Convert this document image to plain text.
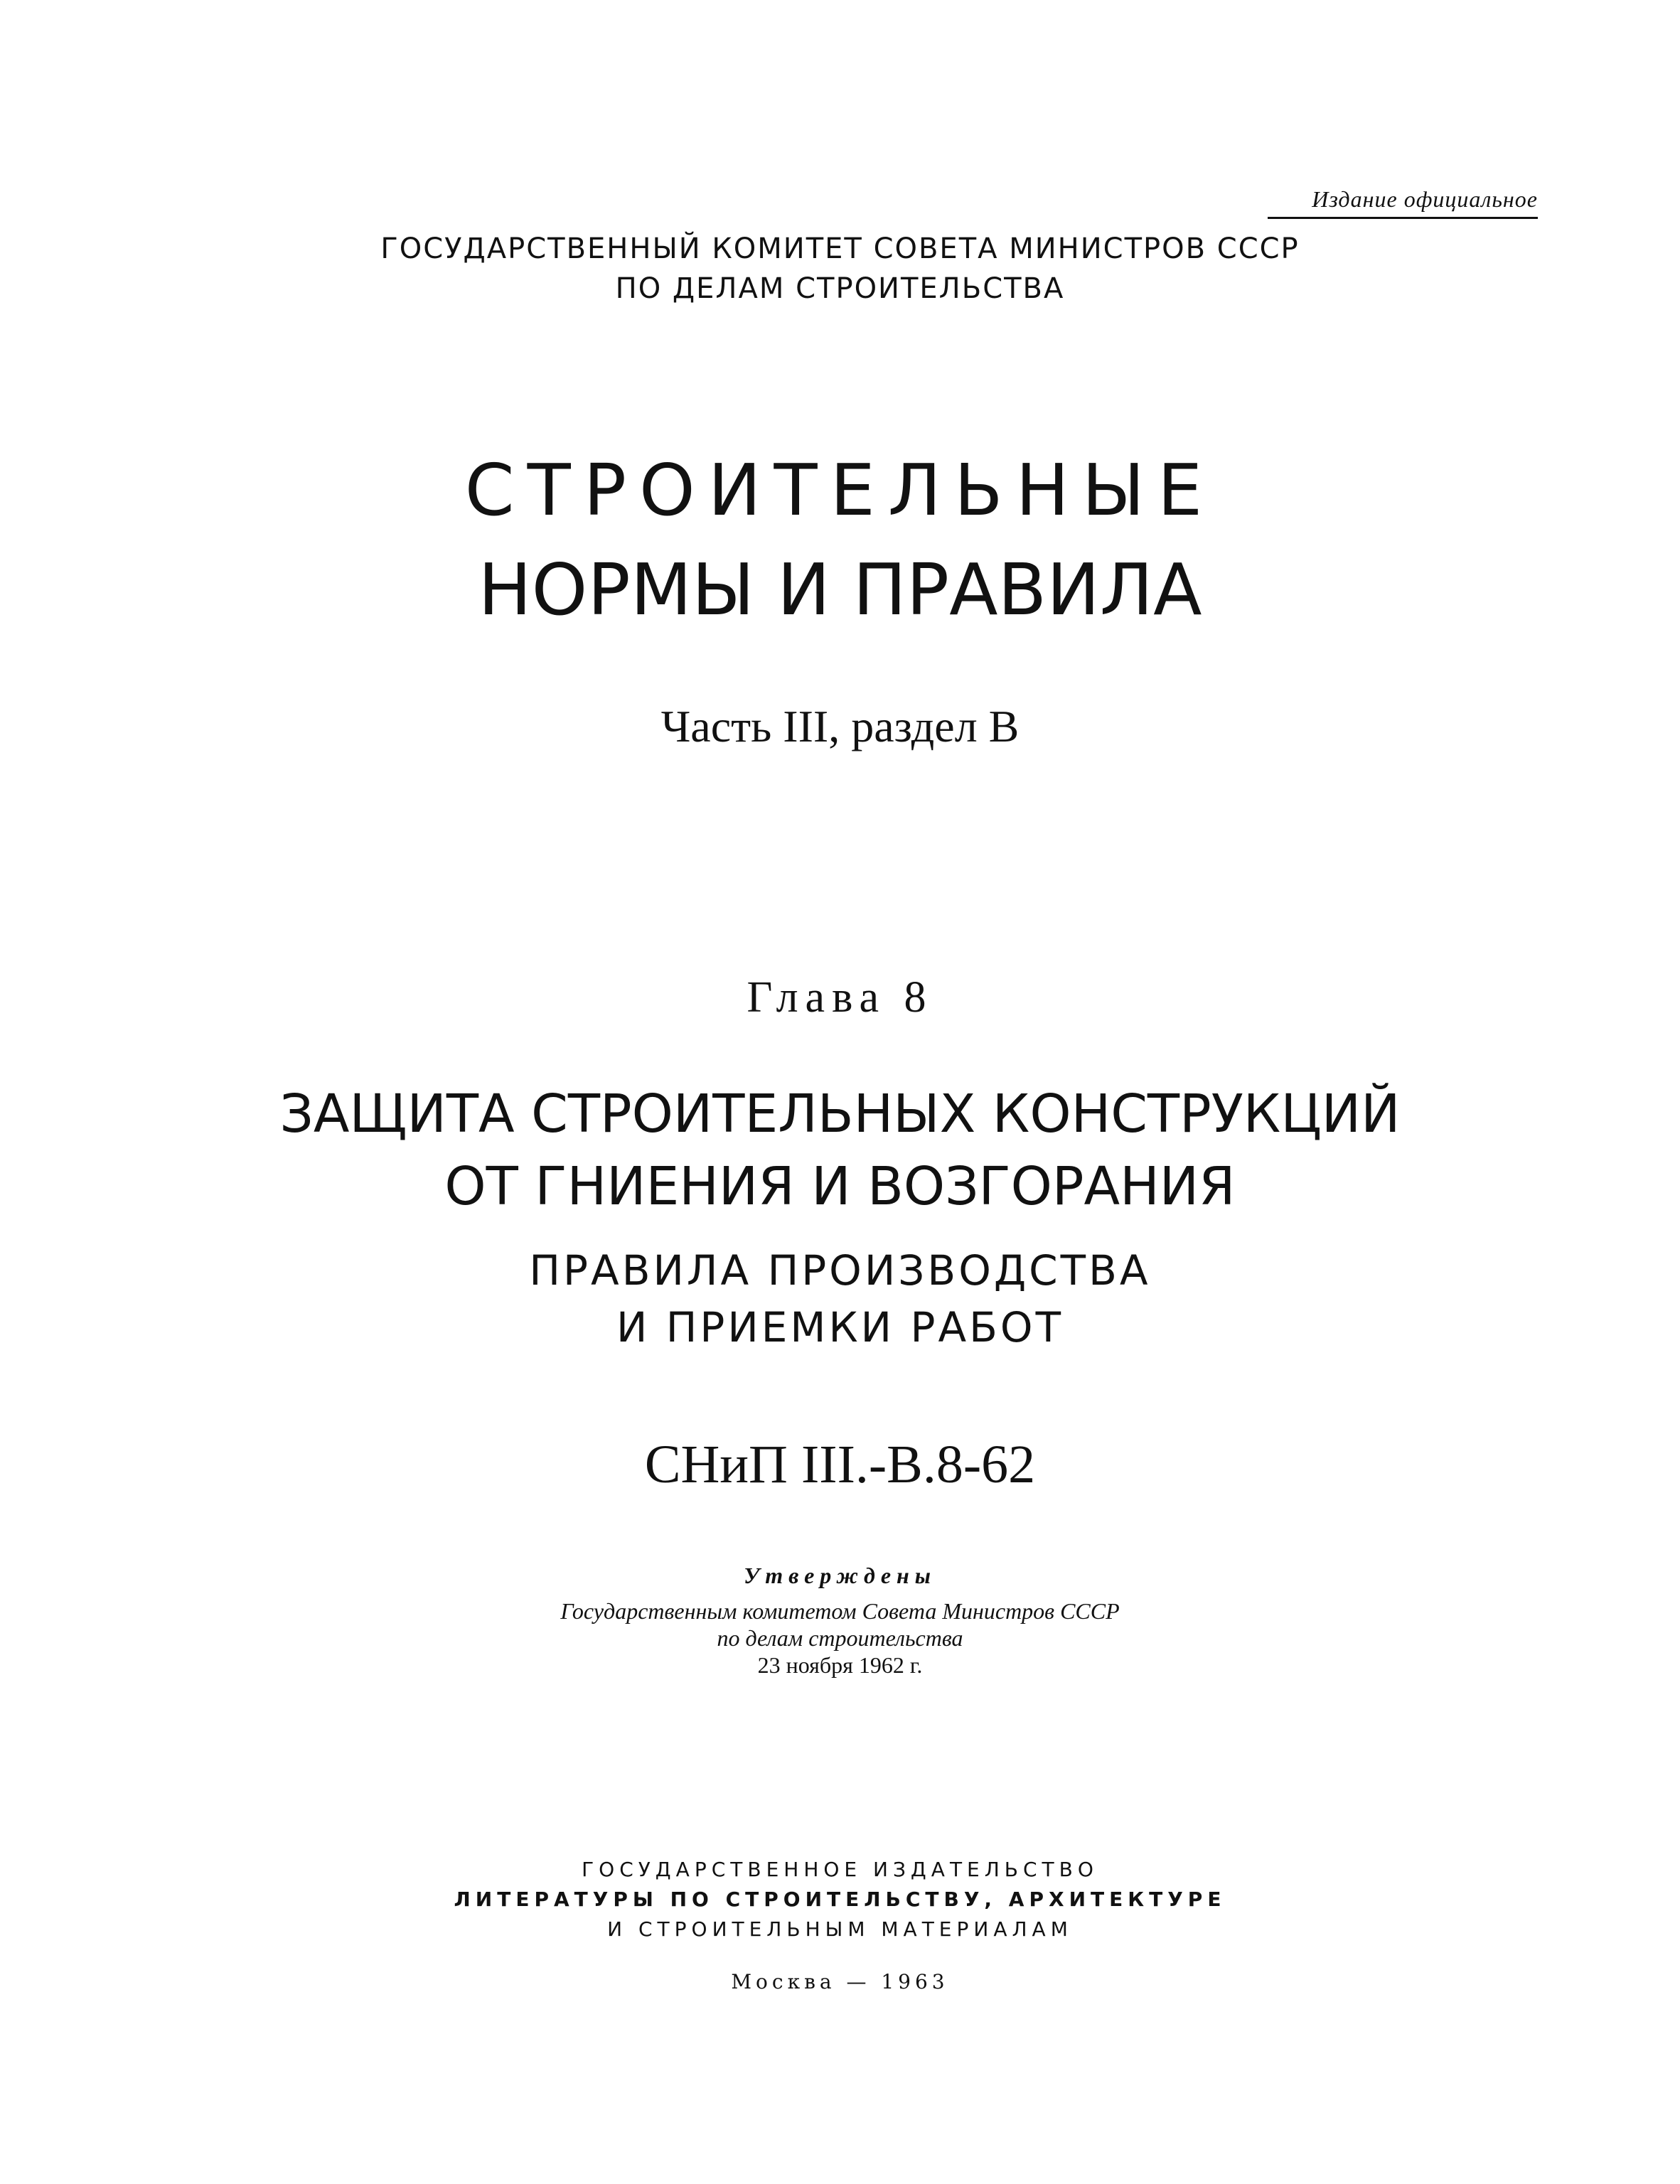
Издание официальное

ГОСУДАРСТВЕННЫЙ КОМИТЕТ СОВЕТА МИНИСТРОВ СССР

ПО ДЕЛАМ СТРОИТЕЛЬСТВА

СТРОИТЕЛЬНЫЕ

НОРМЫ И ПРАВИЛА

Часть III, раздел В

Глава 8

ЗАЩИТА СТРОИТЕЛЬНЫХ КОНСТРУКЦИЙ

ОТ ГНИЕНИЯ И ВОЗГОРАНИЯ

ПРАВИЛА ПРОИЗВОДСТВА

И ПРИЕМКИ РАБОТ

СНиП III.-В.8-62

Утверждены

Государственным комитетом Совета Министров СССР

по делам строительства

23 ноября 1962 г.

ГОСУДАРСТВЕННОЕ ИЗДАТЕЛЬСТВО

ЛИТЕРАТУРЫ ПО СТРОИТЕЛЬСТВУ, АРХИТЕКТУРЕ

И СТРОИТЕЛЬНЫМ МАТЕРИАЛАМ

Москва — 1963
